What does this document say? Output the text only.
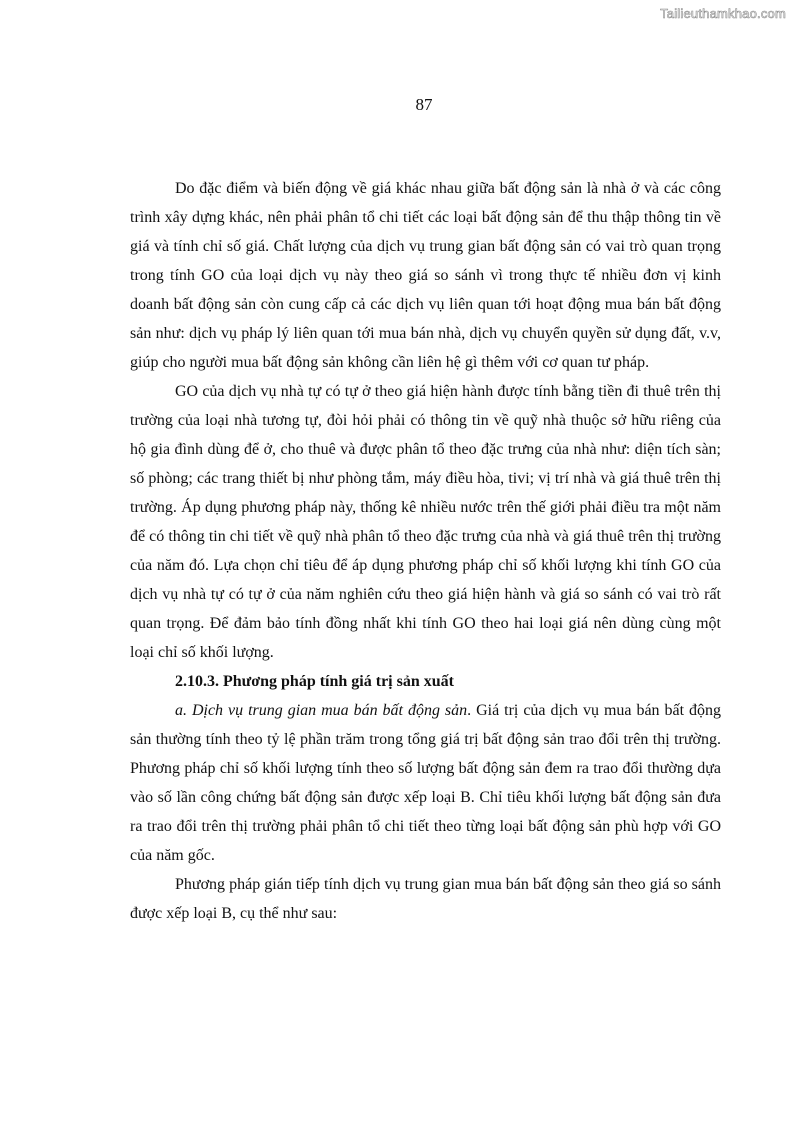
Tailieuthamkhao.com
87

Do đặc điểm và biến động về giá khác nhau giữa bất động sản là nhà ở và các công trình xây dựng khác, nên phải phân tổ chi tiết các loại bất động sản để thu thập thông tin về giá và tính chỉ số giá. Chất lượng của dịch vụ trung gian bất động sản có vai trò quan trọng trong tính GO của loại dịch vụ này theo giá so sánh vì trong thực tế nhiều đơn vị kinh doanh bất động sản còn cung cấp cả các dịch vụ liên quan tới hoạt động mua bán bất động sản như: dịch vụ pháp lý liên quan tới mua bán nhà, dịch vụ chuyển quyền sử dụng đất, v.v, giúp cho người mua bất động sản không cần liên hệ gì thêm với cơ quan tư pháp.

GO của dịch vụ nhà tự có tự ở theo giá hiện hành được tính bằng tiền đi thuê trên thị trường của loại nhà tương tự, đòi hỏi phải có thông tin về quỹ nhà thuộc sở hữu riêng của hộ gia đình dùng để ở, cho thuê và được phân tổ theo đặc trưng của nhà như: diện tích sàn; số phòng; các trang thiết bị như phòng tắm, máy điều hòa, tivi; vị trí nhà và giá thuê trên thị trường. Áp dụng phương pháp này, thống kê nhiều nước trên thế giới phải điều tra một năm để có thông tin chi tiết về quỹ nhà phân tổ theo đặc trưng của nhà và giá thuê trên thị trường của năm đó. Lựa chọn chỉ tiêu để áp dụng phương pháp chỉ số khối lượng khi tính GO của dịch vụ nhà tự có tự ở của năm nghiên cứu theo giá hiện hành và giá so sánh có vai trò rất quan trọng. Để đảm bảo tính đồng nhất khi tính GO theo hai loại giá nên dùng cùng một loại chỉ số khối lượng.

2.10.3. Phương pháp tính giá trị sản xuất

a. Dịch vụ trung gian mua bán bất động sản. Giá trị của dịch vụ mua bán bất động sản thường tính theo tỷ lệ phần trăm trong tổng giá trị bất động sản trao đổi trên thị trường. Phương pháp chỉ số khối lượng tính theo số lượng bất động sản đem ra trao đổi thường dựa vào số lần công chứng bất động sản được xếp loại B. Chỉ tiêu khối lượng bất động sản đưa ra trao đổi trên thị trường phải phân tổ chi tiết theo từng loại bất động sản phù hợp với GO của năm gốc.

Phương pháp gián tiếp tính dịch vụ trung gian mua bán bất động sản theo giá so sánh được xếp loại B, cụ thể như sau:
